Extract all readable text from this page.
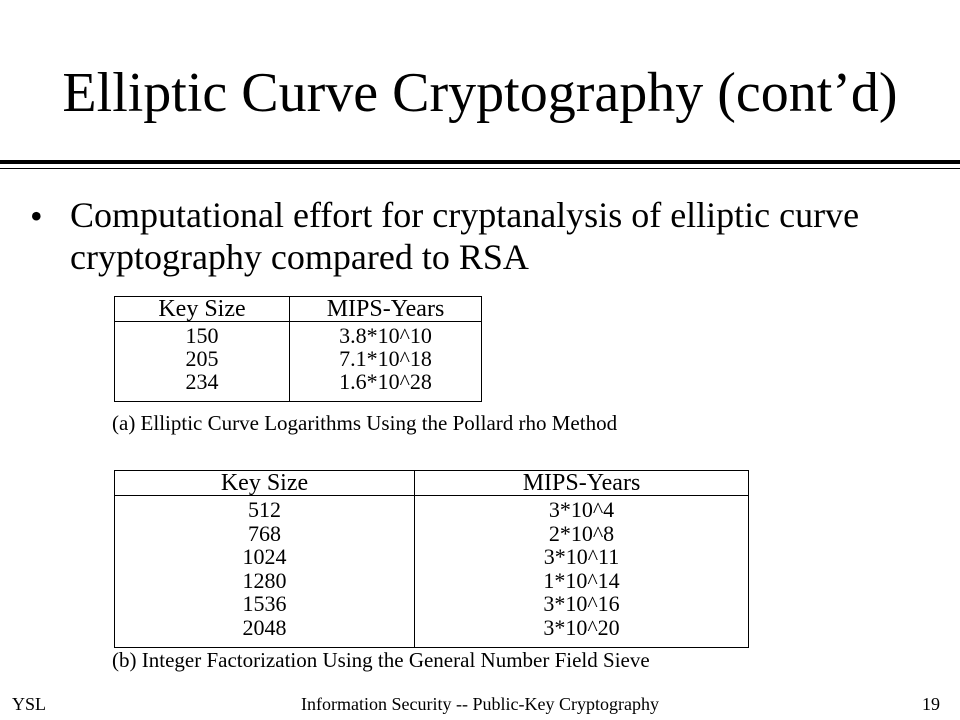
Elliptic Curve Cryptography (cont’d)
• Computational effort for cryptanalysis of elliptic curve cryptography compared to RSA
Key Size	MIPS-Years
150	3.8*10^10
205	7.1*10^18
234	1.6*10^28
(a) Elliptic Curve Logarithms Using the Pollard rho Method
Key Size	MIPS-Years
512	3*10^4
768	2*10^8
1024	3*10^11
1280	1*10^14
1536	3*10^16
2048	3*10^20
(b) Integer Factorization Using the General Number Field Sieve
YSL	Information Security -- Public-Key Cryptography	19
